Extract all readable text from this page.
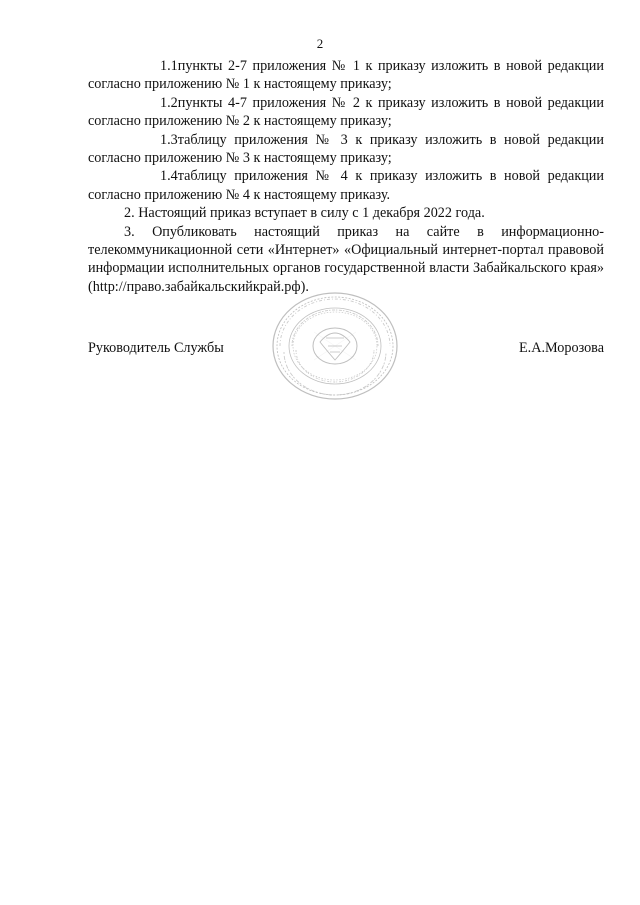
2

1.1пункты 2-7 приложения № 1 к приказу изложить в новой редакции согласно приложению № 1 к настоящему приказу;

1.2пункты 4-7 приложения № 2 к приказу изложить в новой редакции согласно приложению № 2 к настоящему приказу;

1.3таблицу приложения № 3 к приказу изложить в новой редакции согласно приложению № 3 к настоящему приказу;

1.4таблицу приложения № 4 к приказу изложить в новой редакции согласно приложению № 4 к настоящему приказу.

2. Настоящий приказ вступает в силу с 1 декабря 2022 года.

3. Опубликовать настоящий приказ на сайте в информационно-телекоммуникационной сети «Интернет» «Официальный интернет-портал правовой информации исполнительных органов государственной власти Забайкальского края» (http://право.забайкальскийкрай.рф).

Руководитель Службы	Е.А.Морозова
